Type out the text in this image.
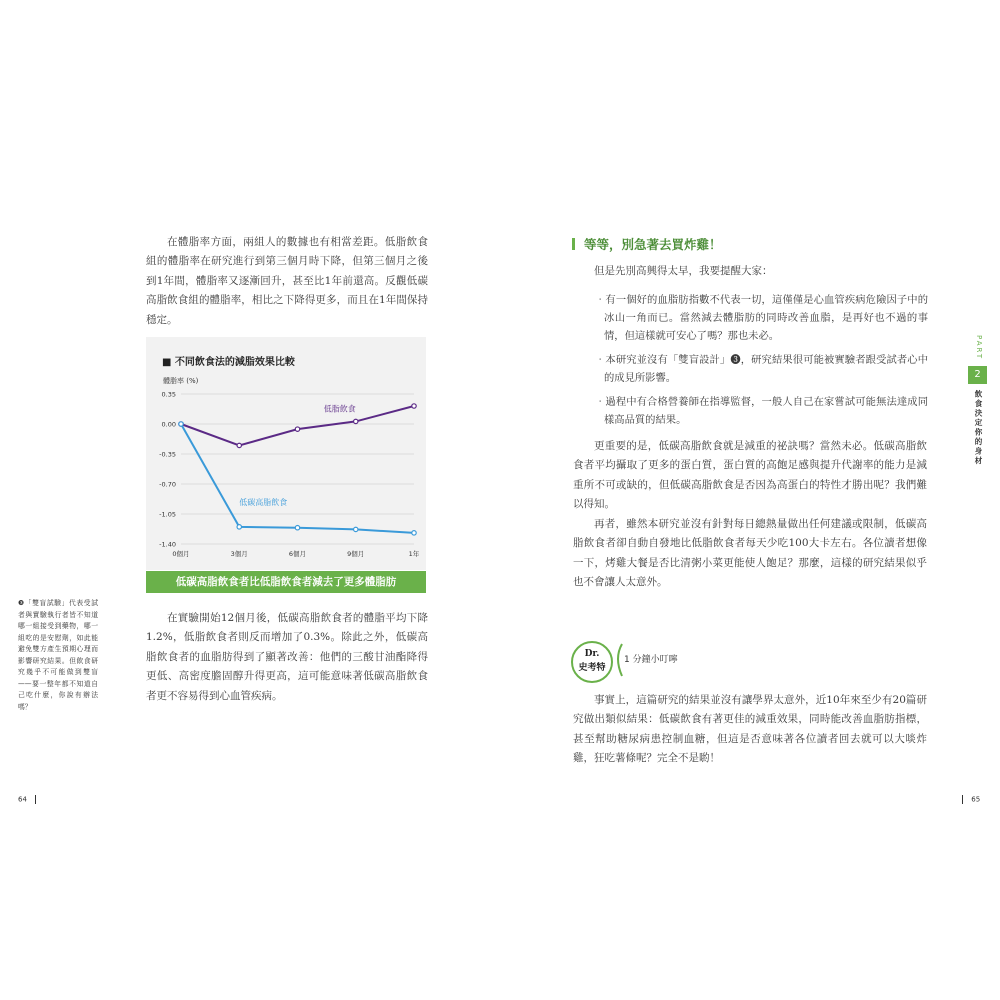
在體脂率方面，兩組人的數據也有相當差距。低脂飲食組的體脂率在研究進行到第三個月時下降，但第三個月之後到1年間，體脂率又逐漸回升，甚至比1年前還高。反觀低碳高脂飲食組的體脂率，相比之下降得更多，而且在1年間保持穩定。

■ 不同飲食法的減脂效果比較
體脂率 (%)
0.35
0.00
-0.35
-0.70
-1.05
-1.40
0個月	3個月	6個月	9個月	1年
低脂飲食
低碳高脂飲食
低碳高脂飲食者比低脂飲食者減去了更多體脂肪

在實驗開始12個月後，低碳高脂飲食者的體脂平均下降1.2%，低脂飲食者則反而增加了0.3%。除此之外，低碳高脂飲食者的血脂肪得到了顯著改善：他們的三酸甘油酯降得更低、高密度膽固醇升得更高，這可能意味著低碳高脂飲食者更不容易得到心血管疾病。

❸「雙盲試驗」代表受試者與實驗執行者皆不知道哪一組接受到藥物，哪一組吃的是安慰劑，如此能避免雙方產生預期心理而影響研究結果。但飲食研究幾乎不可能做到雙盲——要一整年都不知道自己吃什麼，你說有辦法嗎？
64
等等，別急著去買炸雞！

但是先別高興得太早，我要提醒大家：

‧有一個好的血脂肪指數不代表一切，這僅僅是心血管疾病危險因子中的冰山一角而已。當然減去體脂肪的同時改善血脂，是再好也不過的事情，但這樣就可安心了嗎？那也未必。

‧本研究並沒有「雙盲設計」❸，研究結果很可能被實驗者跟受試者心中的成見所影響。

‧過程中有合格營養師在指導監督，一般人自己在家嘗試可能無法達成同樣高品質的結果。

更重要的是，低碳高脂飲食就是減重的祕訣嗎？當然未必。低碳高脂飲食者平均攝取了更多的蛋白質，蛋白質的高飽足感與提升代謝率的能力是減重所不可或缺的，但低碳高脂飲食是否因為高蛋白的特性才勝出呢？我們難以得知。

再者，雖然本研究並沒有針對每日總熱量做出任何建議或限制，低碳高脂飲食者卻自動自發地比低脂飲食者每天少吃100大卡左右。各位讀者想像一下，烤雞大餐是否比清粥小菜更能使人飽足？那麼，這樣的研究結果似乎也不會讓人太意外。

Dr.
史考特
1 分鐘小叮嚀

事實上，這篇研究的結果並沒有讓學界太意外，近10年來至少有20篇研究做出類似結果：低碳飲食有著更佳的減重效果，同時能改善血脂肪指標，甚至幫助糖尿病患控制血糖，但這是否意味著各位讀者回去就可以大啖炸雞，狂吃薯條呢？完全不是喲！

65
PART
2
飲食決定你的身材
